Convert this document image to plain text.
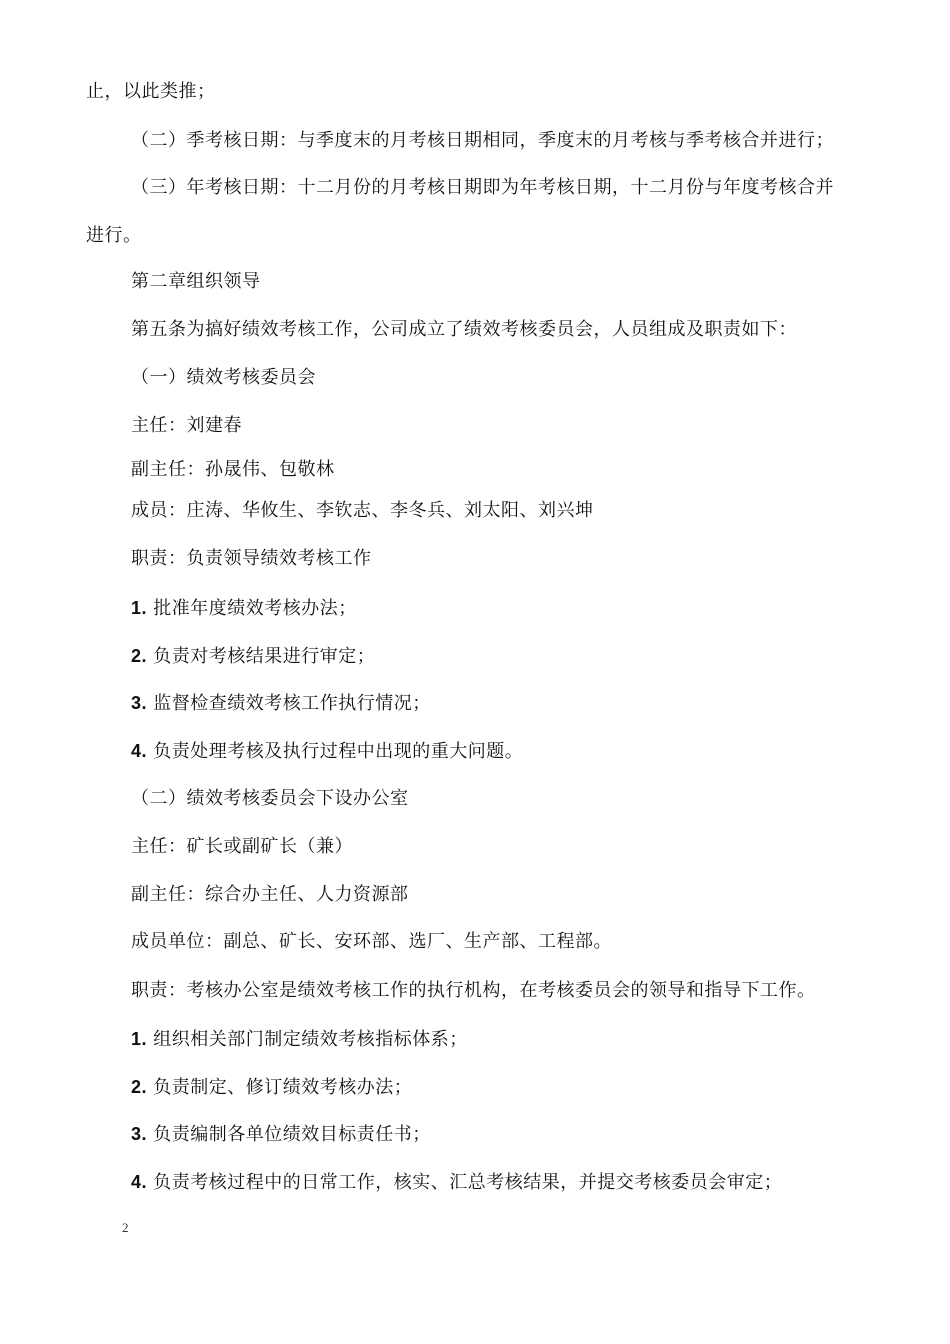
止，以此类推；
（二）季考核日期：与季度末的月考核日期相同，季度末的月考核与季考核合并进行；
（三）年考核日期：十二月份的月考核日期即为年考核日期，十二月份与年度考核合并
进行。
第二章组织领导
第五条为搞好绩效考核工作，公司成立了绩效考核委员会，人员组成及职责如下：
（一）绩效考核委员会
主任：刘建春
副主任：孙晟伟、包敬林
成员：庄涛、华攸生、李钦志、李冬兵、刘太阳、刘兴坤
职责：负责领导绩效考核工作
1. 批准年度绩效考核办法；
2. 负责对考核结果进行审定；
3. 监督检查绩效考核工作执行情况；
4. 负责处理考核及执行过程中出现的重大问题。
（二）绩效考核委员会下设办公室
主任：矿长或副矿长（兼）
副主任：综合办主任、人力资源部
成员单位：副总、矿长、安环部、选厂、生产部、工程部。
职责：考核办公室是绩效考核工作的执行机构，在考核委员会的领导和指导下工作。
1. 组织相关部门制定绩效考核指标体系；
2. 负责制定、修订绩效考核办法；
3. 负责编制各单位绩效目标责任书；
4. 负责考核过程中的日常工作，核实、汇总考核结果，并提交考核委员会审定；
2
